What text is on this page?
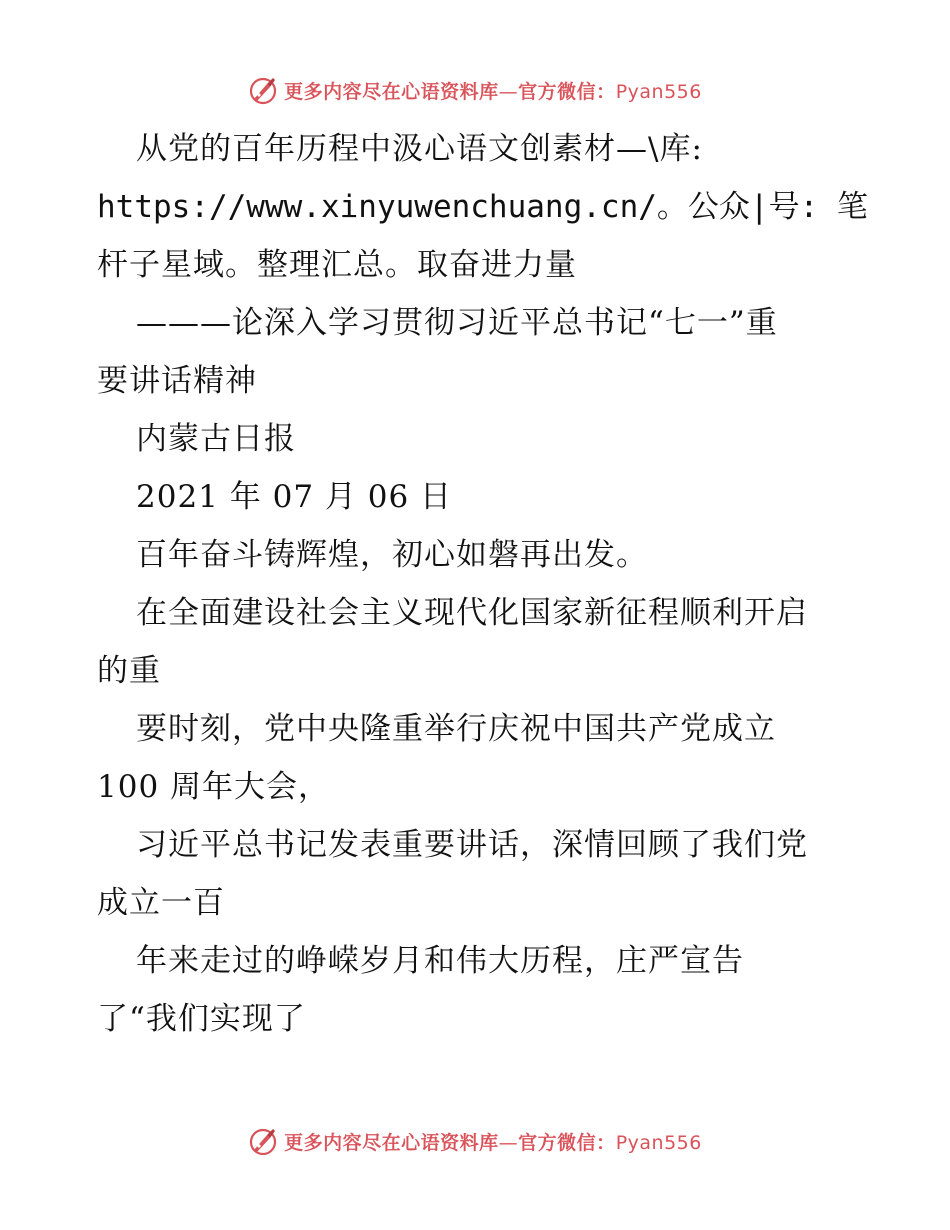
更多内容尽在心语资料库—官方微信：Pyan556
从党的百年历程中汲心语文创素材—\库:
https://www.xinyuwenchuang.cn/。公众|号: 笔
杆子星域。整理汇总。取奋进力量
———论深入学习贯彻习近平总书记“七一”重
要讲话精神
内蒙古日报
2021 年 07 月 06 日
百年奋斗铸辉煌，初心如磐再出发。
在全面建设社会主义现代化国家新征程顺利开启
的重
要时刻，党中央隆重举行庆祝中国共产党成立
100 周年大会，
习近平总书记发表重要讲话，深情回顾了我们党
成立一百
年来走过的峥嵘岁月和伟大历程，庄严宣告
了“我们实现了
更多内容尽在心语资料库—官方微信：Pyan556
